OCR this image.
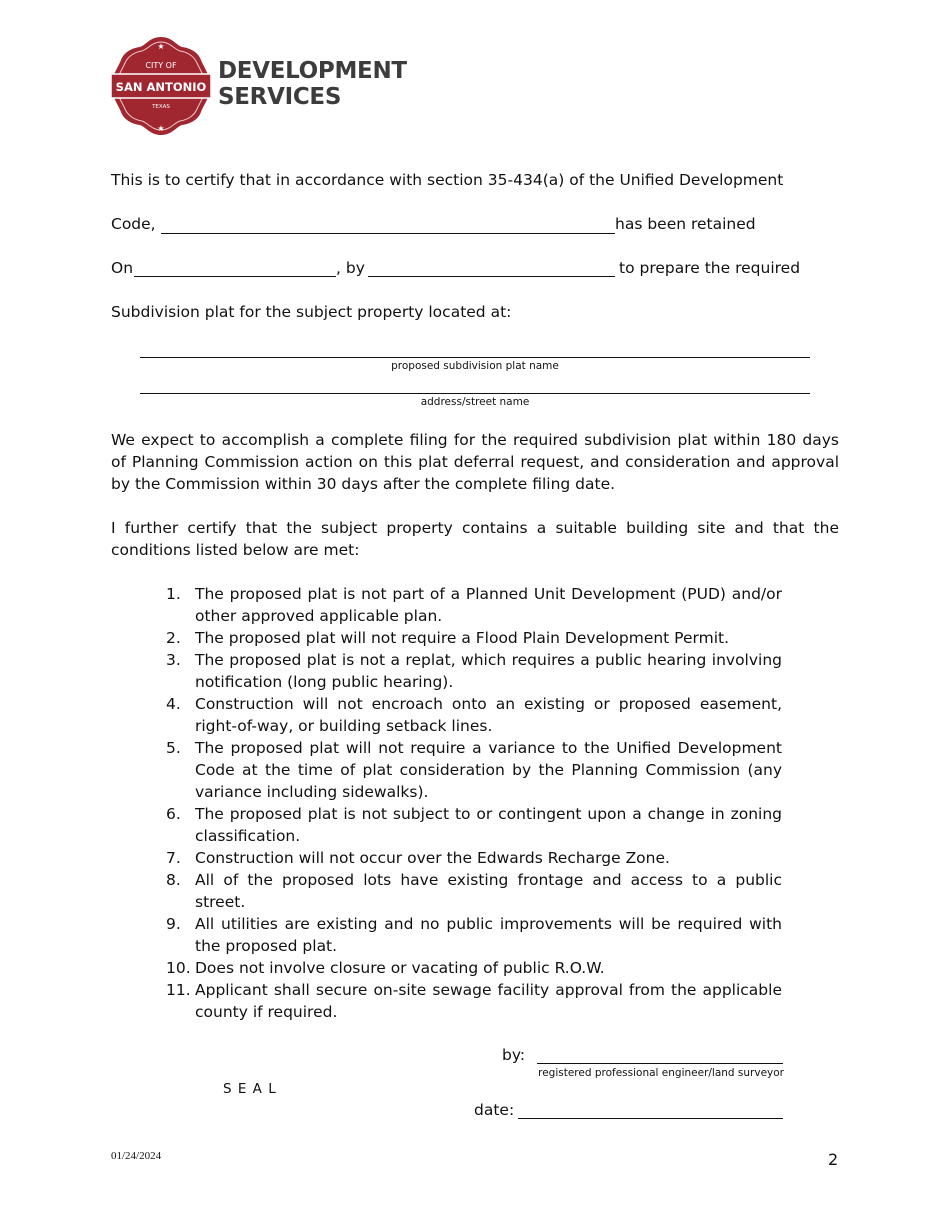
★
★
CITY OF
SAN ANTONIO
TEXAS
DEVELOPMENT
SERVICES
This is to certify that in accordance with section 35-434(a) of the Unified Development
Code,	has been retained
On	, by	to prepare the required
Subdivision plat for the subject property located at:
proposed subdivision plat name
address/street name
We expect to accomplish a complete filing for the required subdivision plat within 180 days of Planning Commission action on this plat deferral request, and consideration and approval by the Commission within 30 days after the complete filing date.
I further certify that the subject property contains a suitable building site and that the conditions listed below are met:
1. The proposed plat is not part of a Planned Unit Development (PUD) and/or other approved applicable plan.
2. The proposed plat will not require a Flood Plain Development Permit.
3. The proposed plat is not a replat, which requires a public hearing involving notification (long public hearing).
4. Construction will not encroach onto an existing or proposed easement, right-of-way, or building setback lines.
5. The proposed plat will not require a variance to the Unified Development Code at the time of plat consideration by the Planning Commission (any variance including sidewalks).
6. The proposed plat is not subject to or contingent upon a change in zoning classification.
7. Construction will not occur over the Edwards Recharge Zone.
8. All of the proposed lots have existing frontage and access to a public street.
9. All utilities are existing and no public improvements will be required with the proposed plat.
10. Does not involve closure or vacating of public R.O.W.
11. Applicant shall secure on-site sewage facility approval from the applicable county if required.
by:
registered professional engineer/land surveyor
S E A L
date:
01/24/2024	2
